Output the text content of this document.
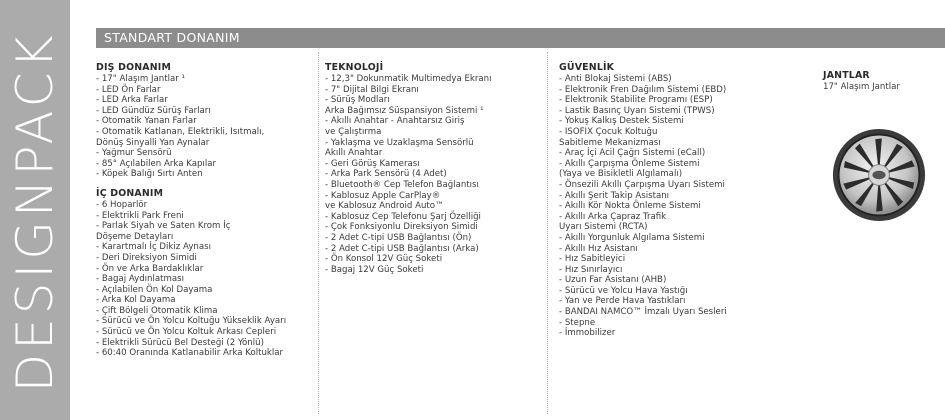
DESIGNPACK	STANDART DONANIM
DIŞ DONANIM
- 17" Alaşım Jantlar ¹
- LED Ön Farlar
- LED Arka Farlar
- LED Gündüz Sürüş Farları
- Otomatik Yanan Farlar
- Otomatik Katlanan, Elektrikli, Isıtmalı,
Dönüş Sinyalli Yan Aynalar
- Yağmur Sensörü
- 85° Açılabilen Arka Kapılar
- Köpek Balığı Sırtı Anten
İÇ DONANIM
- 6 Hoparlör
- Elektrikli Park Freni
- Parlak Siyah ve Saten Krom İç
Döşeme Detayları
- Karartmalı İç Dikiz Aynası
- Deri Direksiyon Simidi
- Ön ve Arka Bardaklıklar
- Bagaj Aydınlatması
- Açılabilen Ön Kol Dayama
- Arka Kol Dayama
- Çift Bölgeli Otomatik Klima
- Sürücü ve Ön Yolcu Koltuğu Yükseklik Ayarı
- Sürücü ve Ön Yolcu Koltuk Arkası Cepleri
- Elektrikli Sürücü Bel Desteği (2 Yönlü)
- 60:40 Oranında Katlanabilir Arka Koltuklar
TEKNOLOJİ
- 12,3" Dokunmatik Multimedya Ekranı
- 7" Dijital Bilgi Ekranı
- Sürüş Modları
Arka Bağımsız Süspansiyon Sistemi ¹
- Akıllı Anahtar - Anahtarsız Giriş
ve Çalıştırma
- Yaklaşma ve Uzaklaşma Sensörlü
Akıllı Anahtar
- Geri Görüş Kamerası
- Arka Park Sensörü (4 Adet)
- Bluetooth® Cep Telefon Bağlantısı
- Kablosuz Apple CarPlay®
ve Kablosuz Android Auto™
- Kablosuz Cep Telefonu Şarj Özelliği
- Çok Fonksiyonlu Direksiyon Simidi
- 2 Adet C-tipi USB Bağlantısı (Ön)
- 2 Adet C-tipi USB Bağlantısı (Arka)
- Ön Konsol 12V Güç Soketi
- Bagaj 12V Güç Soketi
GÜVENLİK
- Anti Blokaj Sistemi (ABS)
- Elektronik Fren Dağılım Sistemi (EBD)
- Elektronik Stabilite Programı (ESP)
- Lastik Basınç Uyarı Sistemi (TPWS)
- Yokuş Kalkış Destek Sistemi
- ISOFIX Çocuk Koltuğu
Sabitleme Mekanizması
- Araç İçi Acil Çağrı Sistemi (eCall)
- Akıllı Çarpışma Önleme Sistemi
(Yaya ve Bisikletli Algılamalı)
- Önsezili Akıllı Çarpışma Uyarı Sistemi
- Akıllı Şerit Takip Asistanı
- Akıllı Kör Nokta Önleme Sistemi
- Akıllı Arka Çapraz Trafik
Uyarı Sistemi (RCTA)
- Akıllı Yorgunluk Algılama Sistemi
- Akıllı Hız Asistanı
- Hız Sabitleyici
- Hız Sınırlayıcı
- Uzun Far Asistanı (AHB)
- Sürücü ve Yolcu Hava Yastığı
- Yan ve Perde Hava Yastıkları
- BANDAI NAMCO™ İmzalı Uyarı Sesleri
- Stepne
- İmmobilizer
JANTLAR
17" Alaşım Jantlar
